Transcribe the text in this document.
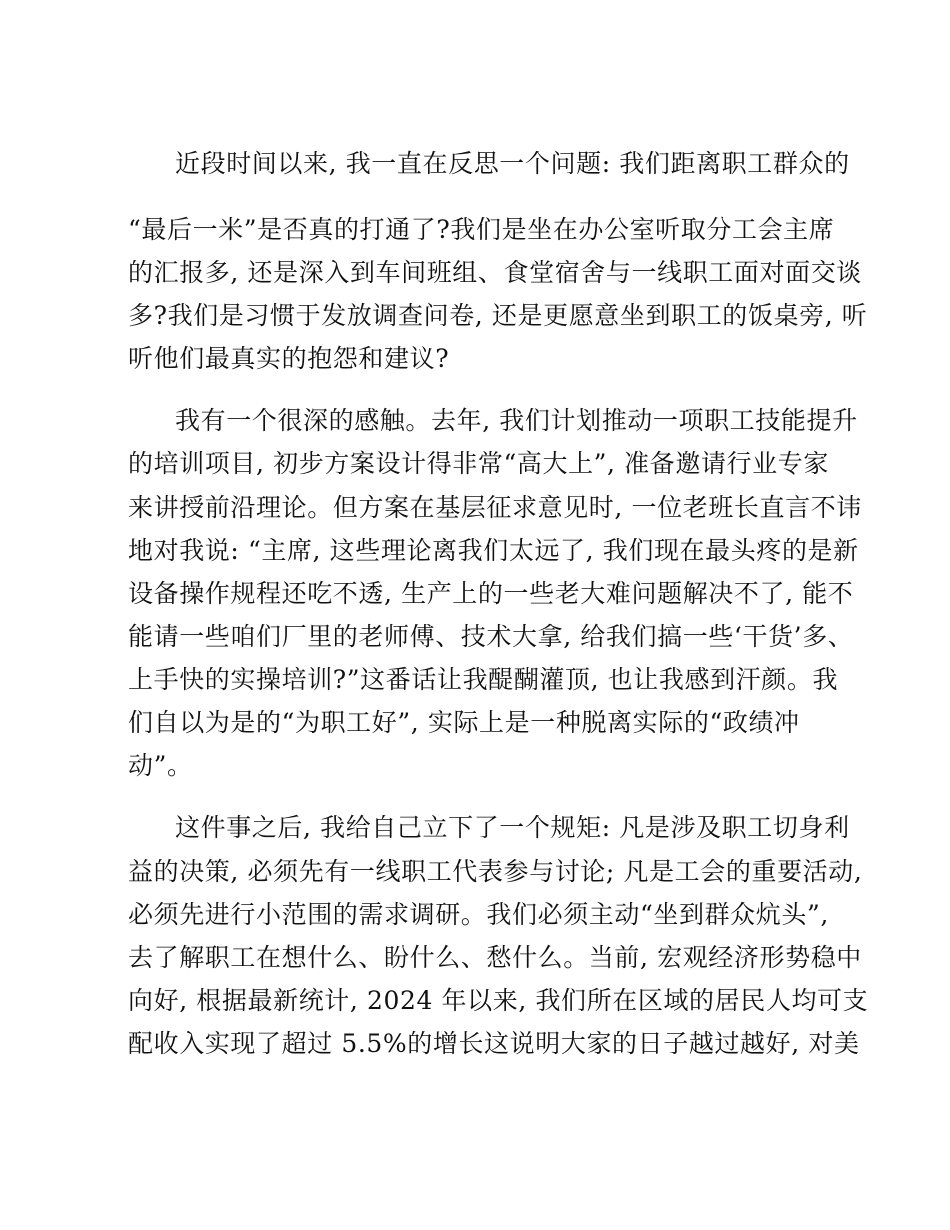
近段时间以来, 我一直在反思一个问题: 我们距离职工群众的

“最后一米”是否真的打通了?我们是坐在办公室听取分工会主席

的汇报多, 还是深入到车间班组、食堂宿舍与一线职工面对面交谈

多?我们是习惯于发放调查问卷, 还是更愿意坐到职工的饭桌旁, 听

听他们最真实的抱怨和建议?

我有一个很深的感触。去年, 我们计划推动一项职工技能提升

的培训项目, 初步方案设计得非常“高大上”, 准备邀请行业专家

来讲授前沿理论。但方案在基层征求意见时, 一位老班长直言不讳

地对我说: “主席, 这些理论离我们太远了, 我们现在最头疼的是新

设备操作规程还吃不透, 生产上的一些老大难问题解决不了, 能不

能请一些咱们厂里的老师傅、技术大拿, 给我们搞一些‘干货’多、

上手快的实操培训?”这番话让我醍醐灌顶, 也让我感到汗颜。我

们自以为是的“为职工好”, 实际上是一种脱离实际的“政绩冲

动”。

这件事之后, 我给自己立下了一个规矩: 凡是涉及职工切身利

益的决策, 必须先有一线职工代表参与讨论; 凡是工会的重要活动,

必须先进行小范围的需求调研。我们必须主动“坐到群众炕头”,

去了解职工在想什么、盼什么、愁什么。当前, 宏观经济形势稳中

向好, 根据最新统计, 2024 年以来, 我们所在区域的居民人均可支

配收入实现了超过 5.5%的增长这说明大家的日子越过越好, 对美
